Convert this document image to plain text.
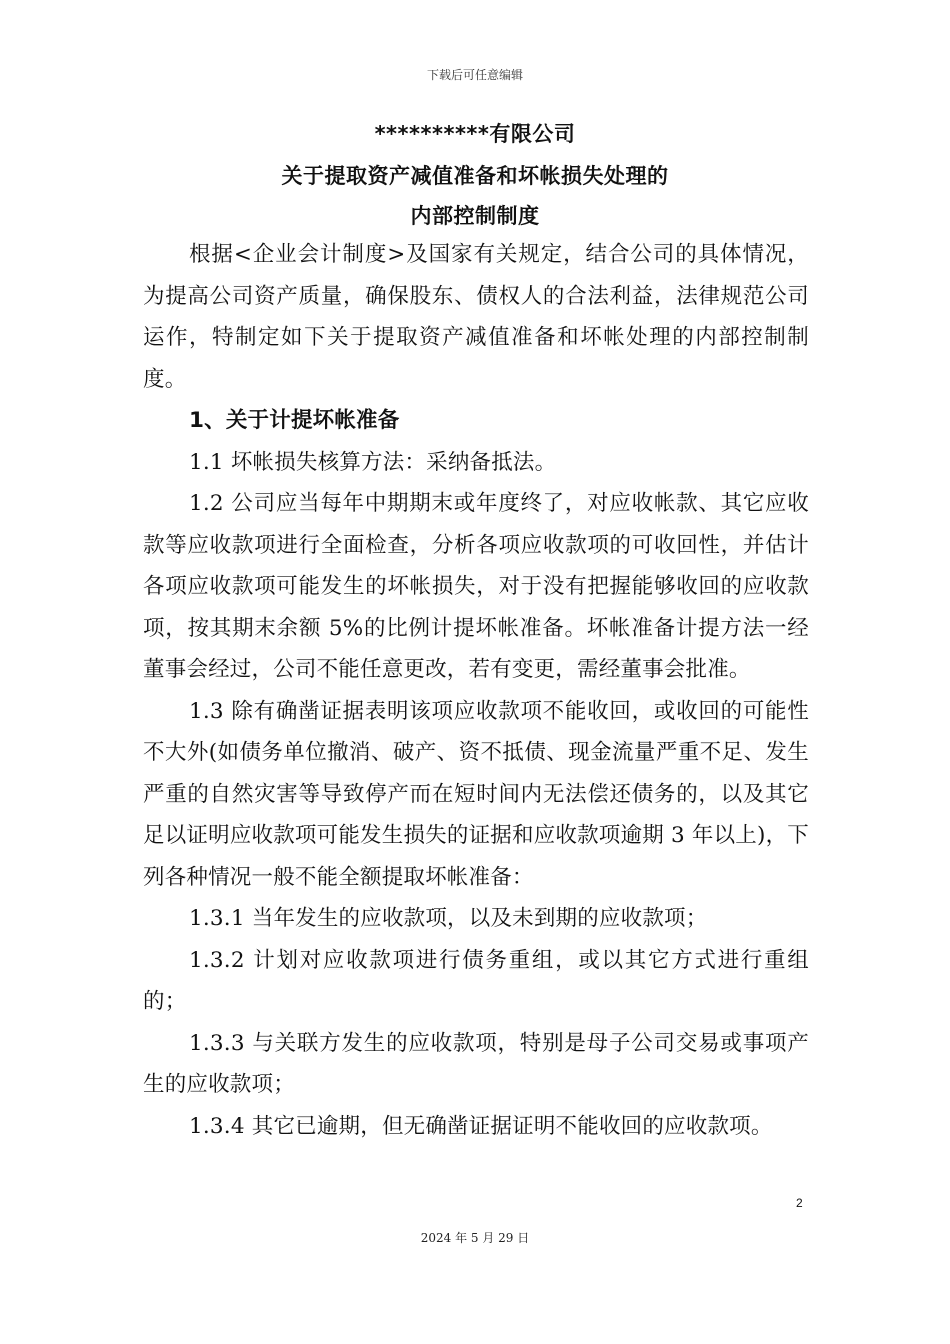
下载后可任意编辑
**********有限公司
关于提取资产减值准备和坏帐损失处理的
内部控制制度

根据<企业会计制度>及国家有关规定，结合公司的具体情况，为提高公司资产质量，确保股东、债权人的合法利益，法律规范公司运作，特制定如下关于提取资产减值准备和坏帐处理的内部控制制度。

1、关于计提坏帐准备

1.1 坏帐损失核算方法：采纳备抵法。

1.2 公司应当每年中期期末或年度终了，对应收帐款、其它应收款等应收款项进行全面检查，分析各项应收款项的可收回性，并估计各项应收款项可能发生的坏帐损失，对于没有把握能够收回的应收款项，按其期末余额 5%的比例计提坏帐准备。坏帐准备计提方法一经董事会经过，公司不能任意更改，若有变更，需经董事会批准。

1.3 除有确凿证据表明该项应收款项不能收回，或收回的可能性不大外(如债务单位撤消、破产、资不抵债、现金流量严重不足、发生严重的自然灾害等导致停产而在短时间内无法偿还债务的，以及其它足以证明应收款项可能发生损失的证据和应收款项逾期 3 年以上)，下列各种情况一般不能全额提取坏帐准备：

1.3.1 当年发生的应收款项，以及未到期的应收款项；

1.3.2 计划对应收款项进行债务重组，或以其它方式进行重组的；

1.3.3 与关联方发生的应收款项，特别是母子公司交易或事项产生的应收款项；

1.3.4 其它已逾期，但无确凿证据证明不能收回的应收款项。

2
2024 年 5 月 29 日
